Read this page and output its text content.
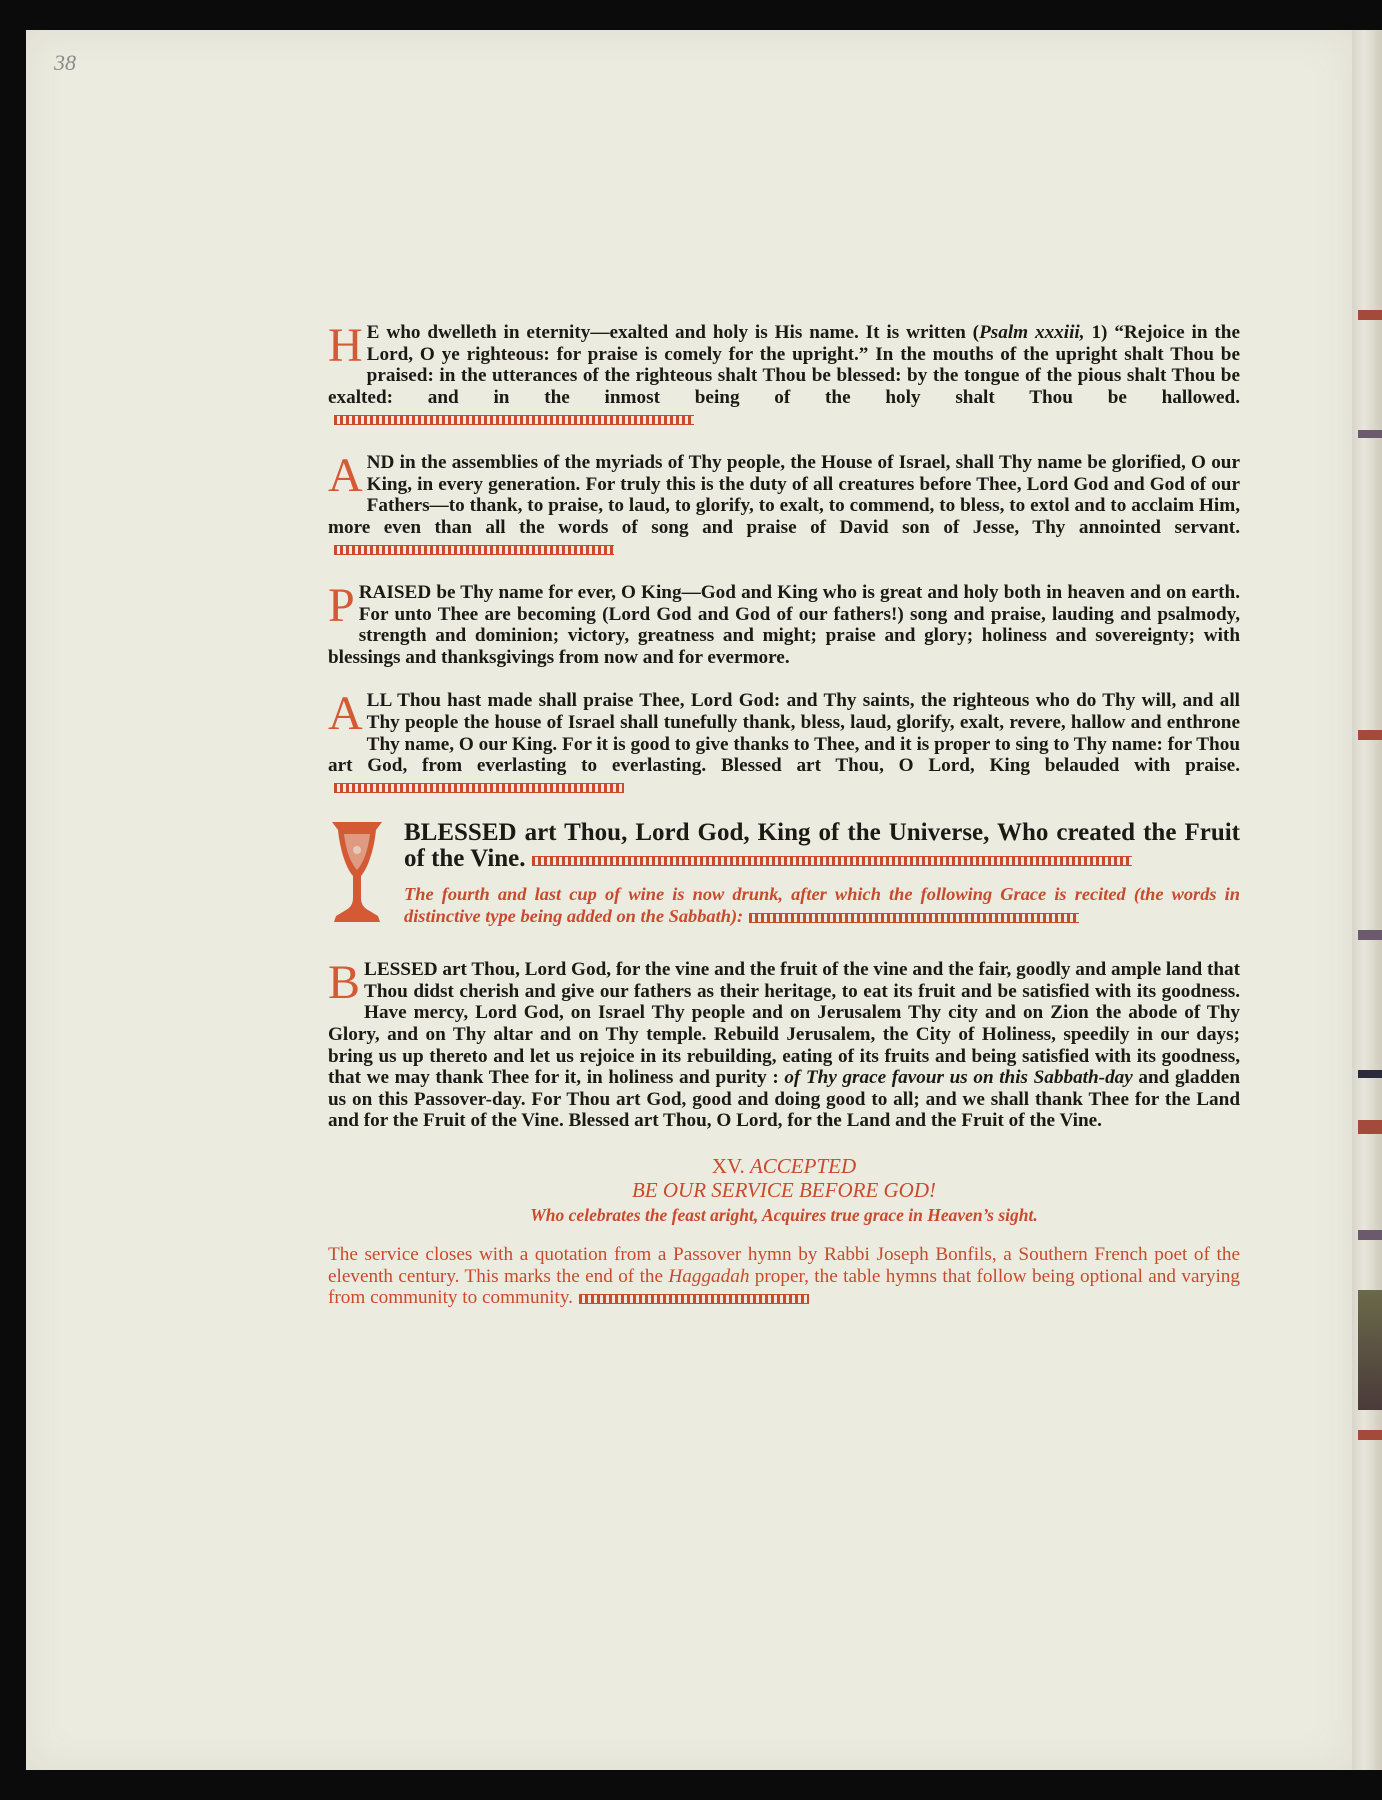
38

H E who dwelleth in eternity—exalted and holy is His name. It is written (Psalm xxxiii, 1) “Rejoice in the Lord, O ye righteous: for praise is comely for the upright.” In the mouths of the upright shalt Thou be praised: in the utterances of the righteous shalt Thou be blessed: by the tongue of the pious shalt Thou be exalted: and in the inmost being of the holy shalt Thou be hallowed.

AND in the assemblies of the myriads of Thy people, the House of Israel, shall Thy name be glorified, O our King, in every generation. For truly this is the duty of all creatures before Thee, Lord God and God of our Fathers—to thank, to praise, to laud, to glorify, to exalt, to commend, to bless, to extol and to acclaim Him, more even than all the words of song and praise of David son of Jesse, Thy annointed servant.

PRAISED be Thy name for ever, O King—God and King who is great and holy both in heaven and on earth. For unto Thee are becoming (Lord God and God of our fathers!) song and praise, lauding and psalmody, strength and dominion; victory, greatness and might; praise and glory; holiness and sovereignty; with blessings and thanksgivings from now and for evermore.

ALL Thou hast made shall praise Thee, Lord God: and Thy saints, the righteous who do Thy will, and all Thy people the house of Israel shall tunefully thank, bless, laud, glorify, exalt, revere, hallow and enthrone Thy name, O our King. For it is good to give thanks to Thee, and it is proper to sing to Thy name: for Thou art God, from everlasting to everlasting. Blessed art Thou, O Lord, King belauded with praise.

BLESSED art Thou, Lord God, King of the Universe, Who created the Fruit of the Vine.
The fourth and last cup of wine is now drunk, after which the following Grace is recited (the words in distinctive type being added on the Sabbath):

BLESSED art Thou, Lord God, for the vine and the fruit of the vine and the fair, goodly and ample land that Thou didst cherish and give our fathers as their heritage, to eat its fruit and be satisfied with its goodness. Have mercy, Lord God, on Israel Thy people and on Jerusalem Thy city and on Zion the abode of Thy Glory, and on Thy altar and on Thy temple. Rebuild Jerusalem, the City of Holiness, speedily in our days; bring us up thereto and let us rejoice in its rebuilding, eating of its fruits and being satisfied with its goodness, that we may thank Thee for it, in holiness and purity : of Thy grace favour us on this Sabbath-day and gladden us on this Passover-day. For Thou art God, good and doing good to all; and we shall thank Thee for the Land and for the Fruit of the Vine. Blessed art Thou, O Lord, for the Land and the Fruit of the Vine.

XV. ACCEPTED
BE OUR SERVICE BEFORE GOD!
Who celebrates the feast aright, Acquires true grace in Heaven’s sight.
The service closes with a quotation from a Passover hymn by Rabbi Joseph Bonfils, a Southern French poet of the eleventh century. This marks the end of the Haggadah proper, the table hymns that follow being optional and varying from community to community.
